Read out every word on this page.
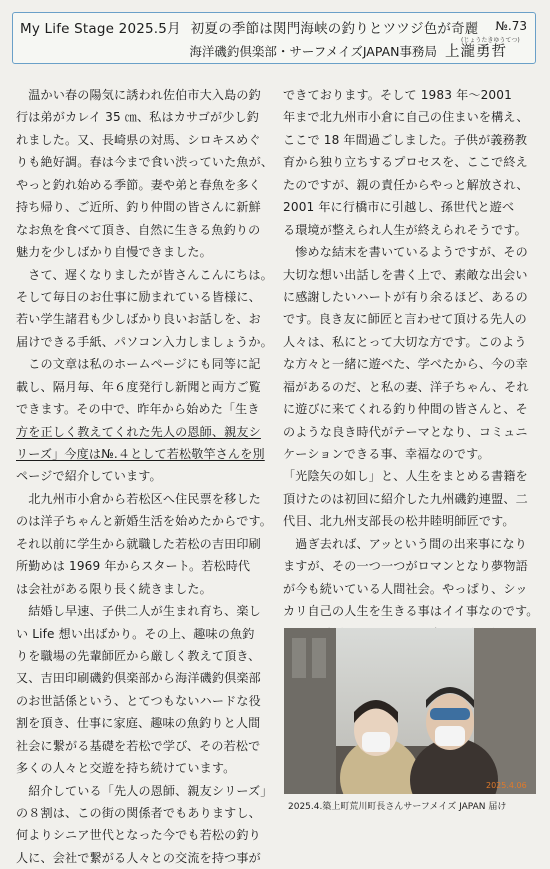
My Life Stage 2025.5月 初夏の季節は関門海峡の釣りとツツジ色が奇麗 №.73
海洋磯釣倶楽部・サーフメイズJAPAN事務局 上瀧勇哲
(じょうたきゆうてつ)
　温かい春の陽気に誘われ佐伯市大入島の釣
行は弟がカレイ 35 ㎝、私はカサゴが少し釣
れました。又、長崎県の対馬、シロキスめぐ
りも絶好調。春は今まで食い渋っていた魚が、
やっと釣れ始める季節。妻や弟と春魚を多く
持ち帰り、ご近所、釣り仲間の皆さんに新鮮
なお魚を食べて頂き、自然に生きる魚釣りの
魅力を少しばかり自慢できました。
　さて、遅くなりましたが皆さんこんにちは。
そして毎日のお仕事に励まれている皆様に、
若い学生諸君も少しばかり良いお話しを、お
届けできる手紙、パソコン入力しましょうか。
　この文章は私のホームページにも同等に記
載し、隔月毎、年６度発行し新聞と両方ご覧
できます。その中で、昨年から始めた「生き
方を正しく教えてくれた先人の恩師、親友シ
リーズ」今度は№.４として若松敬竿さんを別
ページで紹介しています。
　北九州市小倉から若松区へ住民票を移した
のは洋子ちゃんと新婚生活を始めたからです。
それ以前に学生から就職した若松の吉田印刷
所勤めは 1969 年からスタート。若松時代
は会社がある限り長く続きました。
　結婚し早速、子供二人が生まれ育ち、楽し
い Life 想い出ばかり。その上、趣味の魚釣
りを職場の先輩師匠から厳しく教えて頂き、
又、吉田印刷磯釣倶楽部から海洋磯釣倶楽部
のお世話係という、とてつもないハードな役
割を頂き、仕事に家庭、趣味の魚釣りと人間
社会に繋がる基礎を若松で学び、その若松で
多くの人々と交遊を持ち続けています。
　紹介している「先人の恩師、親友シリーズ」
の８割は、この街の関係者でもありますし、
何よりシニア世代となった今でも若松の釣り
人に、会社で繋がる人々との交流を持つ事が
できております。そして 1983 年～2001
年まで北九州市小倉に自己の住まいを構え、
ここで 18 年間過ごしました。子供が義務教
育から独り立ちするプロセスを、ここで終え
たのですが、親の責任からやっと解放され、
2001 年に行橋市に引越し、孫世代と遊べ
る環境が整えられ人生が終えられそうです。
　惨めな結末を書いているようですが、その
大切な想い出話しを書く上で、素敵な出会い
に感謝したいハートが有り余るほど、あるの
です。良き友に師匠と言わせて頂ける先人の
人々は、私にとって大切な方です。このよう
な方々と一緒に遊べた、学べたから、今の幸
福があるのだ、と私の妻、洋子ちゃん、それ
に遊びに来てくれる釣り仲間の皆さんと、そ
のような良き時代がテーマとなり、コミュニ
ケーションできる事、幸福なのです。
「光陰矢の如し」と、人生をまとめる書籍を
頂けたのは初回に紹介した九州磯釣連盟、二
代目、北九州支部長の松井睦明師匠です。
　過ぎ去れば、アッという間の出来事になり
ますが、その一つ一つがロマンとなり夢物語
が今も続いている人間社会。やっぱり、シッ
カリ自己の人生を生きる事はイイ事なのです。
2025.4.06
2025.4.築上町荒川町長さんサーフメイズ JAPAN 届け
